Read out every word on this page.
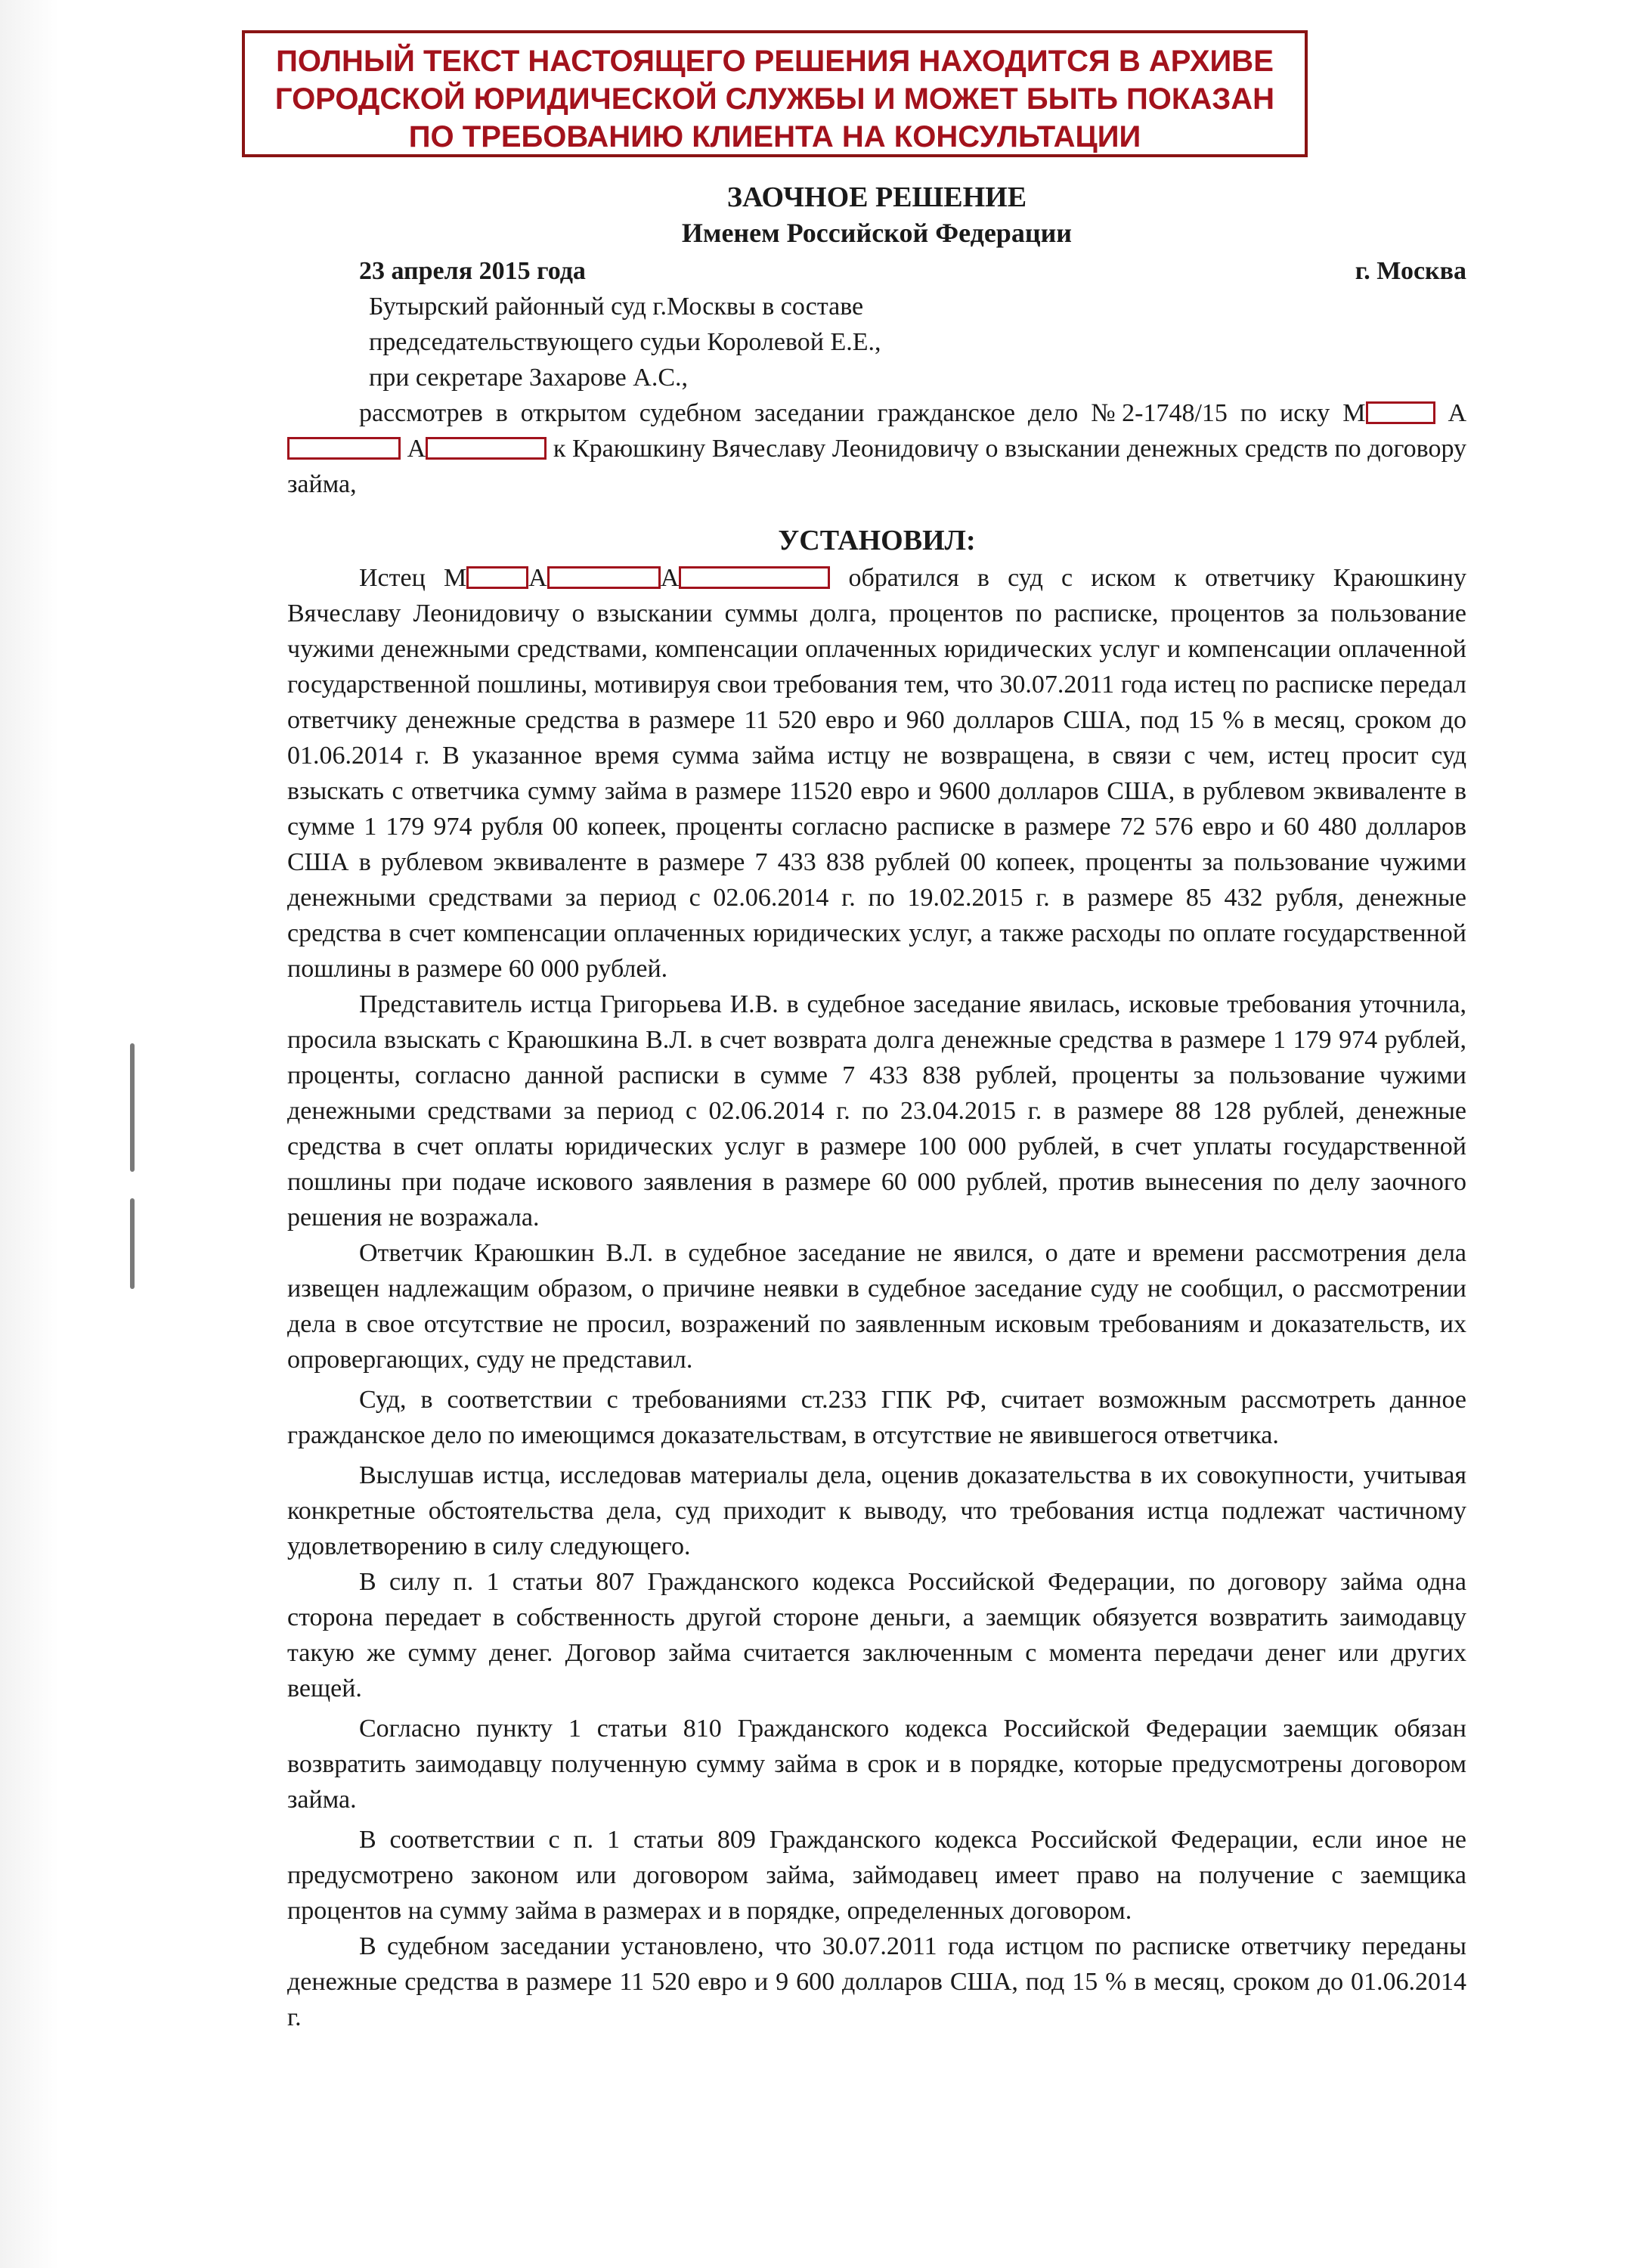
ПОЛНЫЙ ТЕКСТ НАСТОЯЩЕГО РЕШЕНИЯ НАХОДИТСЯ В АРХИВЕ
ГОРОДСКОЙ ЮРИДИЧЕСКОЙ СЛУЖБЫ И МОЖЕТ БЫТЬ ПОКАЗАН
ПО ТРЕБОВАНИЮ КЛИЕНТА НА КОНСУЛЬТАЦИИ
ЗАОЧНОЕ РЕШЕНИЕ
Именем Российской Федерации
23 апреля 2015 года	г. Москва
Бутырский районный суд г.Москвы в составе
председательствующего судьи Королевой Е.Е.,
при секретаре Захарове А.С.,

рассмотрев в открытом судебном заседании гражданское дело №2-1748/15 по иску М	А А	к Краюшкину Вячеславу Леонидовичу о взыскании денежных средств по договору займа,

УСТАНОВИЛ:

Истец М А	А	обратился в суд с иском к ответчику Краюшкину Вячеславу Леонидовичу о взыскании суммы долга, процентов по расписке, процентов за пользование чужими денежными средствами, компенсации оплаченных юридических услуг и компенсации оплаченной государственной пошлины, мотивируя свои требования тем, что 30.07.2011 года истец по расписке передал ответчику денежные средства в размере 11 520 евро и 960 долларов США, под 15 % в месяц, сроком до 01.06.2014 г. В указанное время сумма займа истцу не возвращена, в связи с чем, истец просит суд взыскать с ответчика сумму займа в размере 11520 евро и 9600 долларов США, в рублевом эквиваленте в сумме 1 179 974 рубля 00 копеек, проценты согласно расписке в размере 72 576 евро и 60 480 долларов США в рублевом эквиваленте в размере 7 433 838 рублей 00 копеек, проценты за пользование чужими денежными средствами за период с 02.06.2014 г. по 19.02.2015 г. в размере 85 432 рубля, денежные средства в счет компенсации оплаченных юридических услуг, а также расходы по оплате государственной пошлины в размере 60 000 рублей.

Представитель истца Григорьева И.В. в судебное заседание явилась, исковые требования уточнила, просила взыскать с Краюшкина В.Л. в счет возврата долга денежные средства в размере 1 179 974 рублей, проценты, согласно данной расписки в сумме 7 433 838 рублей, проценты за пользование чужими денежными средствами за период с 02.06.2014 г. по 23.04.2015 г. в размере 88 128 рублей, денежные средства в счет оплаты юридических услуг в размере 100 000 рублей, в счет уплаты государственной пошлины при подаче искового заявления в размере 60 000 рублей, против вынесения по делу заочного решения не возражала.

Ответчик Краюшкин В.Л. в судебное заседание не явился, о дате и времени рассмотрения дела извещен надлежащим образом, о причине неявки в судебное заседание суду не сообщил, о рассмотрении дела в свое отсутствие не просил, возражений по заявленным исковым требованиям и доказательств, их опровергающих, суду не представил.

Суд, в соответствии с требованиями ст.233 ГПК РФ, считает возможным рассмотреть данное гражданское дело по имеющимся доказательствам, в отсутствие не явившегося ответчика.

Выслушав истца, исследовав материалы дела, оценив доказательства в их совокупности, учитывая конкретные обстоятельства дела, суд приходит к выводу, что требования истца подлежат частичному удовлетворению в силу следующего.

В силу п. 1 статьи 807 Гражданского кодекса Российской Федерации, по договору займа одна сторона передает в собственность другой стороне деньги, а заемщик обязуется возвратить заимодавцу такую же сумму денег. Договор займа считается заключенным с момента передачи денег или других вещей.

Согласно пункту 1 статьи 810 Гражданского кодекса Российской Федерации заемщик обязан возвратить заимодавцу полученную сумму займа в срок и в порядке, которые предусмотрены договором займа.

В соответствии с п. 1 статьи 809 Гражданского кодекса Российской Федерации, если иное не предусмотрено законом или договором займа, займодавец имеет право на получение с заемщика процентов на сумму займа в размерах и в порядке, определенных договором.

В судебном заседании установлено, что 30.07.2011 года истцом по расписке ответчику переданы денежные средства в размере 11 520 евро и 9 600 долларов США, под 15 % в месяц, сроком до 01.06.2014 г.
